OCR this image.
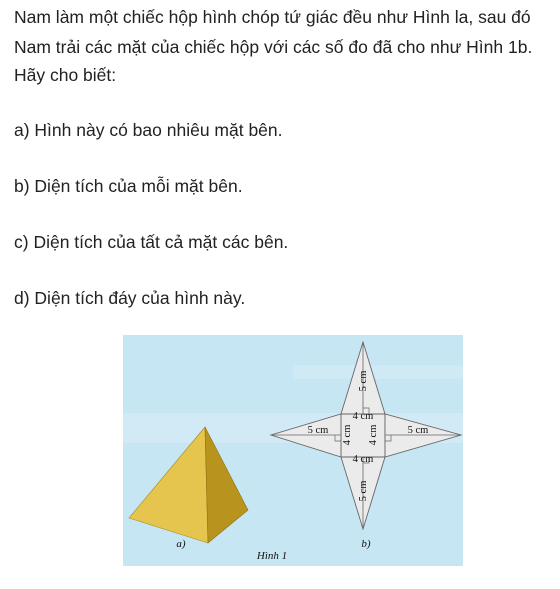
Nam làm một chiếc hộp hình chóp tứ giác đều như Hình la, sau đó

Nam trải các mặt của chiếc hộp với các số đo đã cho như Hình 1b.

Hãy cho biết:

a) Hình này có bao nhiêu mặt bên.

b) Diện tích của mỗi mặt bên.

c) Diện tích của tất cả mặt các bên.

d) Diện tích đáy của hình này.

4 cm
4 cm
5 cm	5 cm
4 cm 4 cm
5 cm
5 cm
a)	b)
Hình 1
